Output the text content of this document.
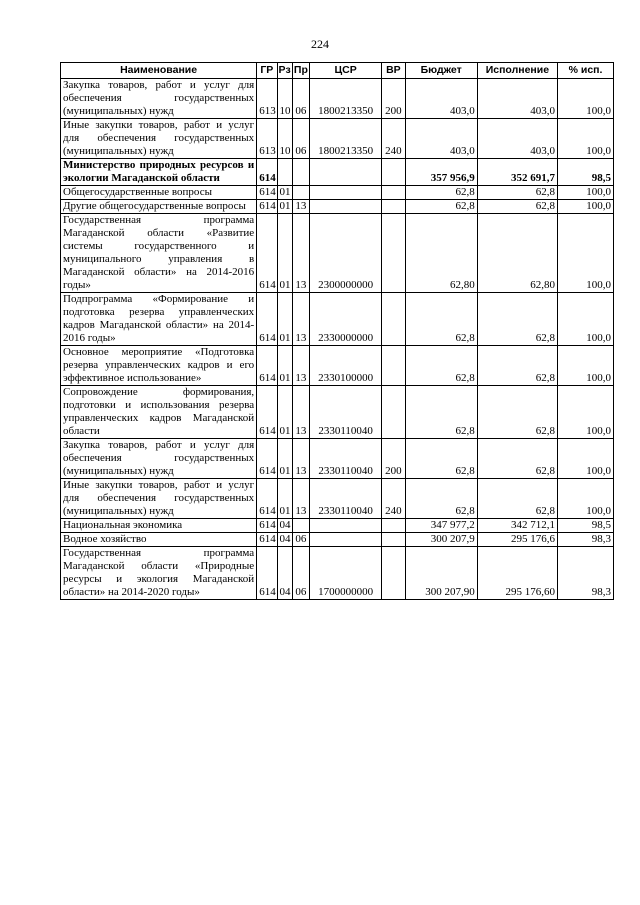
224
Наименование	ГР	Рз	Пр	ЦСР	ВР	Бюджет	Исполнение	% исп.
Закупка товаров, работ и услуг для обеспечения государственных (муниципальных) нужд	613	10	06	1800213350	200	403,0	403,0	100,0
Иные закупки товаров, работ и услуг для обеспечения государственных (муниципальных) нужд	613	10	06	1800213350	240	403,0	403,0	100,0
Министерство природных ресурсов и экологии Магаданской области	614					357 956,9	352 691,7	98,5
Общегосударственные вопросы	614	01				62,8	62,8	100,0
Другие общегосударственные вопросы	614	01	13			62,8	62,8	100,0
Государственная программа Магаданской области «Развитие системы государственного и муниципального управления в Магаданской области» на 2014-2016 годы»	614	01	13	2300000000		62,80	62,80	100,0
Подпрограмма «Формирование и подготовка резерва управленческих кадров Магаданской области» на 2014-2016 годы»	614	01	13	2330000000		62,8	62,8	100,0
Основное мероприятие «Подготовка резерва управленческих кадров и его эффективное использование»	614	01	13	2330100000		62,8	62,8	100,0
Сопровождение формирования, подготовки и использования резерва управленческих кадров Магаданской области	614	01	13	2330110040		62,8	62,8	100,0
Закупка товаров, работ и услуг для обеспечения государственных (муниципальных) нужд	614	01	13	2330110040	200	62,8	62,8	100,0
Иные закупки товаров, работ и услуг для обеспечения государственных (муниципальных) нужд	614	01	13	2330110040	240	62,8	62,8	100,0
Национальная экономика	614	04				347 977,2	342 712,1	98,5
Водное хозяйство	614	04	06			300 207,9	295 176,6	98,3
Государственная программа Магаданской области «Природные ресурсы и экология Магаданской области» на 2014-2020 годы»	614	04	06	1700000000		300 207,90	295 176,60	98,3
